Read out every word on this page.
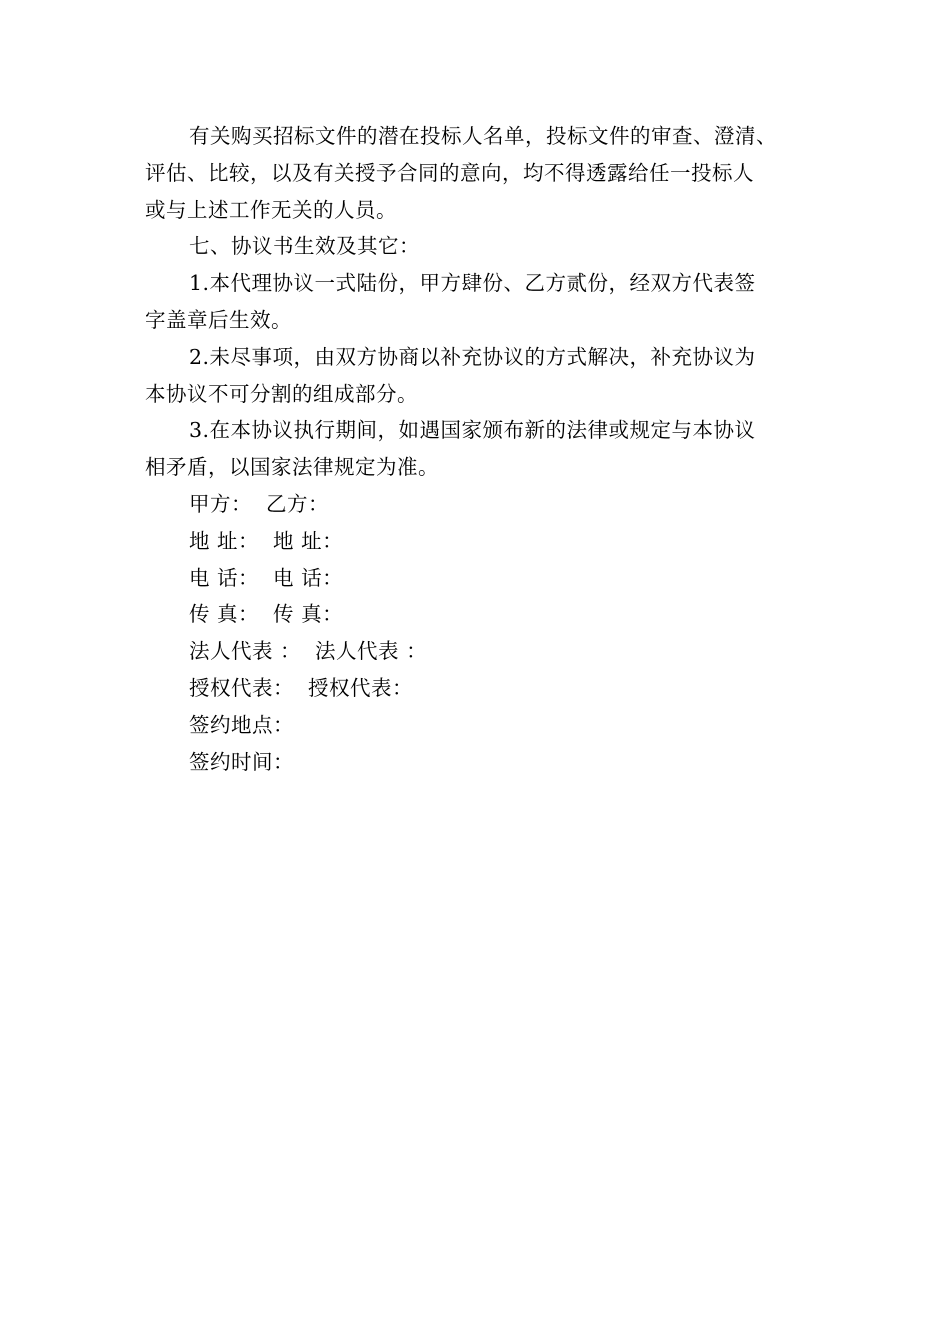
有关购买招标文件的潜在投标人名单，投标文件的审查、澄清、
评估、比较，以及有关授予合同的意向，均不得透露给任一投标人
或与上述工作无关的人员。

七、协议书生效及其它：

1.本代理协议一式陆份，甲方肆份、乙方贰份，经双方代表签
字盖章后生效。

2.未尽事项，由双方协商以补充协议的方式解决，补充协议为
本协议不可分割的组成部分。

3.在本协议执行期间，如遇国家颁布新的法律或规定与本协议
相矛盾，以国家法律规定为准。

甲方：  乙方：

地 址：  地 址：

电 话：  电 话：

传 真：  传 真：

法人代表 ：  法人代表 ：

授权代表：  授权代表：

签约地点：

签约时间：
